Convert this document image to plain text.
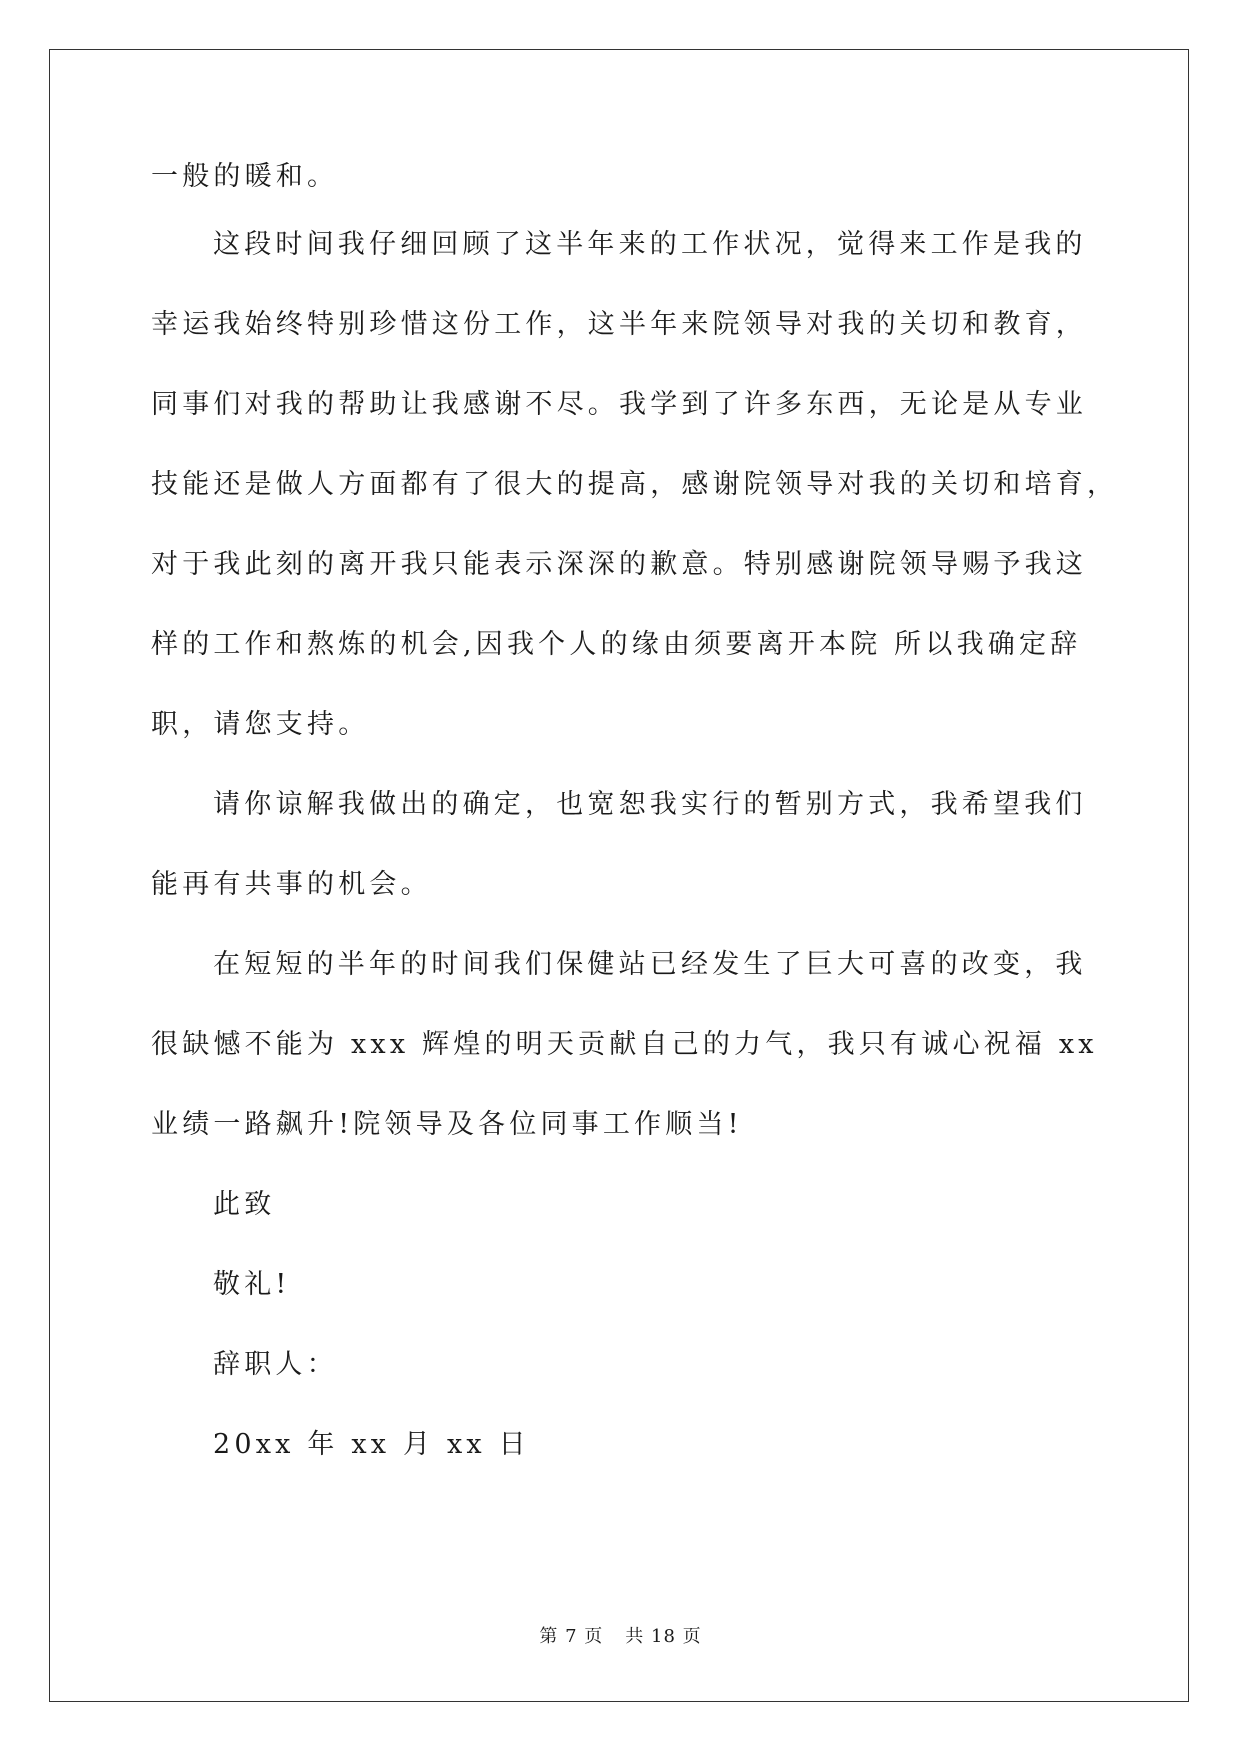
一般的暖和。
这段时间我仔细回顾了这半年来的工作状况，觉得来工作是我的
幸运我始终特别珍惜这份工作，这半年来院领导对我的关切和教育，
同事们对我的帮助让我感谢不尽。我学到了许多东西，无论是从专业
技能还是做人方面都有了很大的提高，感谢院领导对我的关切和培育，
对于我此刻的离开我只能表示深深的歉意。特别感谢院领导赐予我这
样的工作和熬炼的机会,因我个人的缘由须要离开本院 所以我确定辞
职，请您支持。
请你谅解我做出的确定，也宽恕我实行的暂别方式，我希望我们
能再有共事的机会。
在短短的半年的时间我们保健站已经发生了巨大可喜的改变，我
很缺憾不能为 xxx 辉煌的明天贡献自己的力气，我只有诚心祝福 xx
业绩一路飙升!院领导及各位同事工作顺当!
此致
敬礼!
辞职人：
20xx 年 xx 月 xx 日
第 7 页 共 18 页
